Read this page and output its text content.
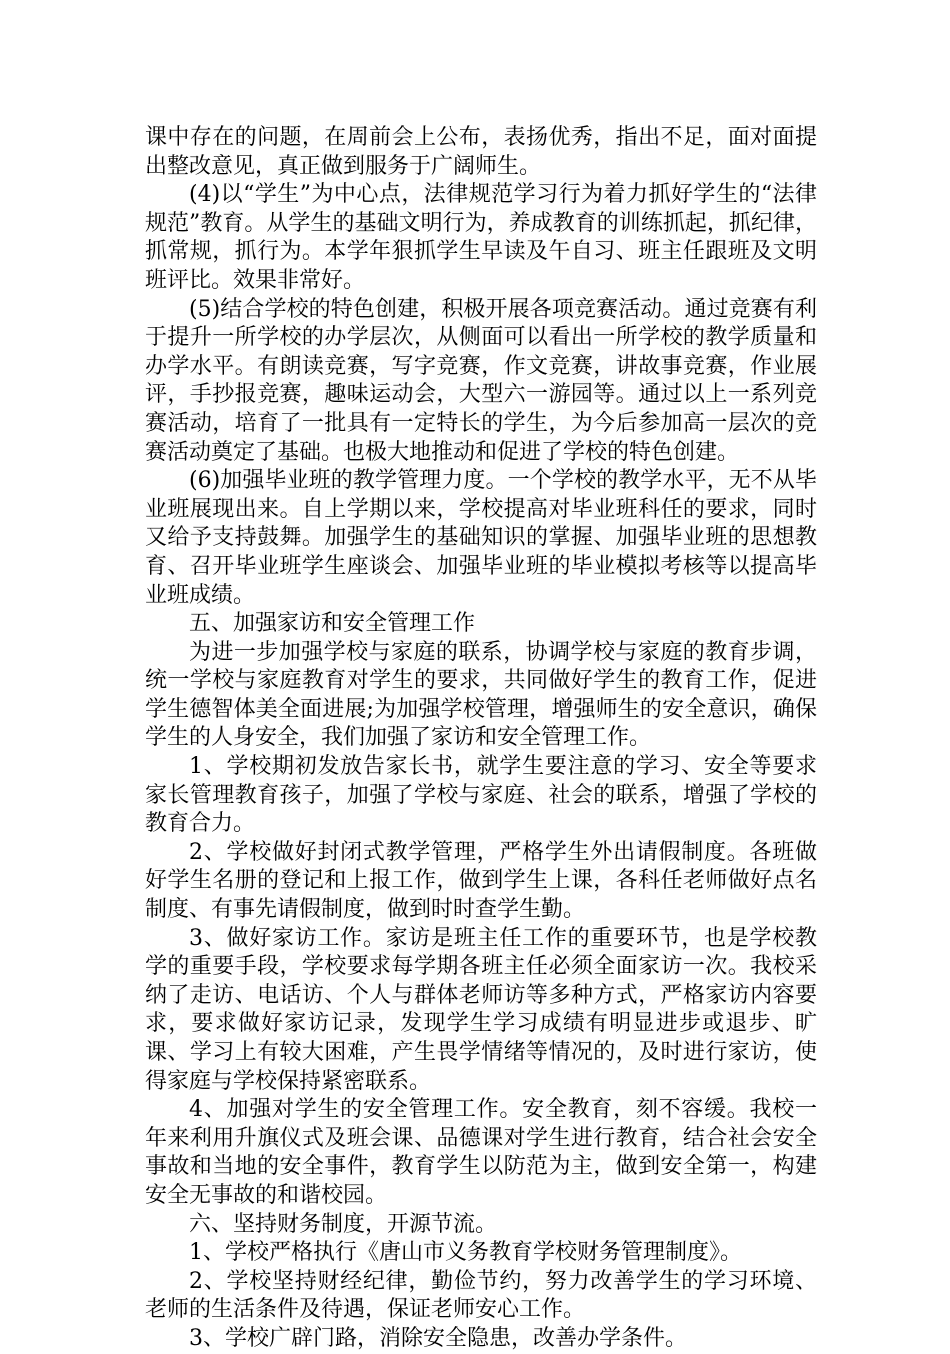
课中存在的问题，在周前会上公布，表扬优秀，指出不足，面对面提出整改意见，真正做到服务于广阔师生。

(4)以“学生”为中心点，法律规范学习行为着力抓好学生的“法律规范”教育。从学生的基础文明行为，养成教育的训练抓起，抓纪律，抓常规，抓行为。本学年狠抓学生早读及午自习、班主任跟班及文明班评比。效果非常好。

(5)结合学校的特色创建，积极开展各项竞赛活动。通过竞赛有利于提升一所学校的办学层次，从侧面可以看出一所学校的教学质量和办学水平。有朗读竞赛，写字竞赛，作文竞赛，讲故事竞赛，作业展评，手抄报竞赛，趣味运动会，大型六一游园等。通过以上一系列竞赛活动，培育了一批具有一定特长的学生，为今后参加高一层次的竞赛活动奠定了基础。也极大地推动和促进了学校的特色创建。

(6)加强毕业班的教学管理力度。一个学校的教学水平，无不从毕业班展现出来。自上学期以来，学校提高对毕业班科任的要求，同时又给予支持鼓舞。加强学生的基础知识的掌握、加强毕业班的思想教育、召开毕业班学生座谈会、加强毕业班的毕业模拟考核等以提高毕业班成绩。

五、加强家访和安全管理工作

为进一步加强学校与家庭的联系，协调学校与家庭的教育步调，统一学校与家庭教育对学生的要求，共同做好学生的教育工作，促进学生德智体美全面进展;为加强学校管理，增强师生的安全意识，确保学生的人身安全，我们加强了家访和安全管理工作。

1、学校期初发放告家长书，就学生要注意的学习、安全等要求家长管理教育孩子，加强了学校与家庭、社会的联系，增强了学校的教育合力。

2、学校做好封闭式教学管理，严格学生外出请假制度。各班做好学生名册的登记和上报工作，做到学生上课，各科任老师做好点名制度、有事先请假制度，做到时时查学生勤。

3、做好家访工作。家访是班主任工作的重要环节，也是学校教学的重要手段，学校要求每学期各班主任必须全面家访一次。我校采纳了走访、电话访、个人与群体老师访等多种方式，严格家访内容要求，要求做好家访记录，发现学生学习成绩有明显进步或退步、旷课、学习上有较大困难，产生畏学情绪等情况的，及时进行家访，使得家庭与学校保持紧密联系。

4、加强对学生的安全管理工作。安全教育，刻不容缓。我校一年来利用升旗仪式及班会课、品德课对学生进行教育，结合社会安全事故和当地的安全事件，教育学生以防范为主，做到安全第一，构建安全无事故的和谐校园。

六、坚持财务制度，开源节流。

1、学校严格执行《唐山市义务教育学校财务管理制度》。

2、学校坚持财经纪律，勤俭节约，努力改善学生的学习环境、老师的生活条件及待遇，保证老师安心工作。

3、学校广辟门路，消除安全隐患，改善办学条件。
